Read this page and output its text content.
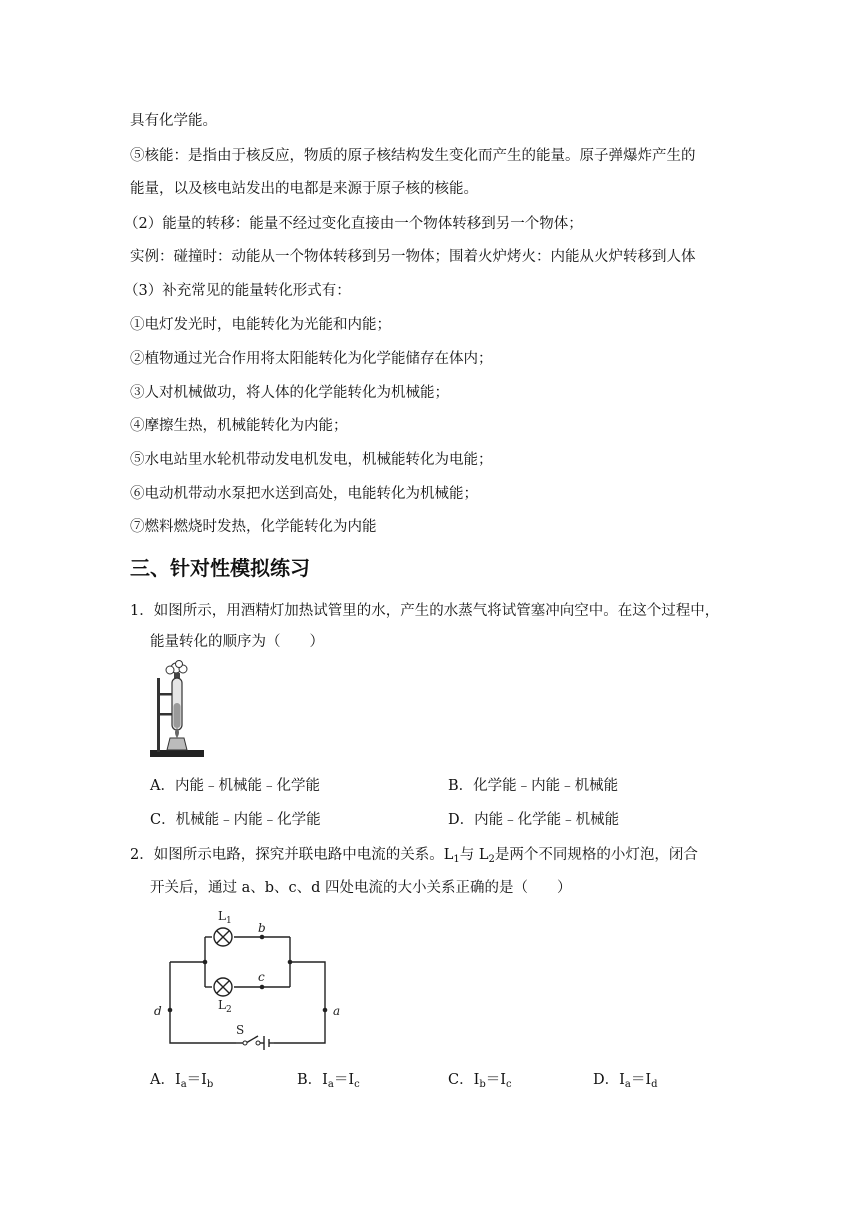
具有化学能。
⑤核能：是指由于核反应，物质的原子核结构发生变化而产生的能量。原子弹爆炸产生的
能量，以及核电站发出的电都是来源于原子核的核能。
（2）能量的转移：能量不经过变化直接由一个物体转移到另一个物体；
实例：碰撞时：动能从一个物体转移到另一物体；围着火炉烤火：内能从火炉转移到人体
（3）补充常见的能量转化形式有：
①电灯发光时，电能转化为光能和内能；
②植物通过光合作用将太阳能转化为化学能储存在体内；
③人对机械做功，将人体的化学能转化为机械能；
④摩擦生热，机械能转化为内能；
⑤水电站里水轮机带动发电机发电，机械能转化为电能；
⑥电动机带动水泵把水送到高处，电能转化为机械能；
⑦燃料燃烧时发热，化学能转化为内能
三、针对性模拟练习
1．如图所示，用酒精灯加热试管里的水，产生的水蒸气将试管塞冲向空中。在这个过程中，
能量转化的顺序为（　　）
A．内能﹣机械能﹣化学能	B．化学能﹣内能﹣机械能
C．机械能﹣内能﹣化学能	D．内能﹣化学能﹣机械能
2．如图所示电路，探究并联电路中电流的关系。$L_1$与 $L_2$是两个不同规格的小灯泡，闭合
开关后，通过 a、b、c、d 四处电流的大小关系正确的是（　　）
$L_1$
$L_2$
b
c
d	a
S
A．$I_a=I_b$	B．$I_a=I_c$	C．$I_b=I_c$	D．$I_a=I_d$
